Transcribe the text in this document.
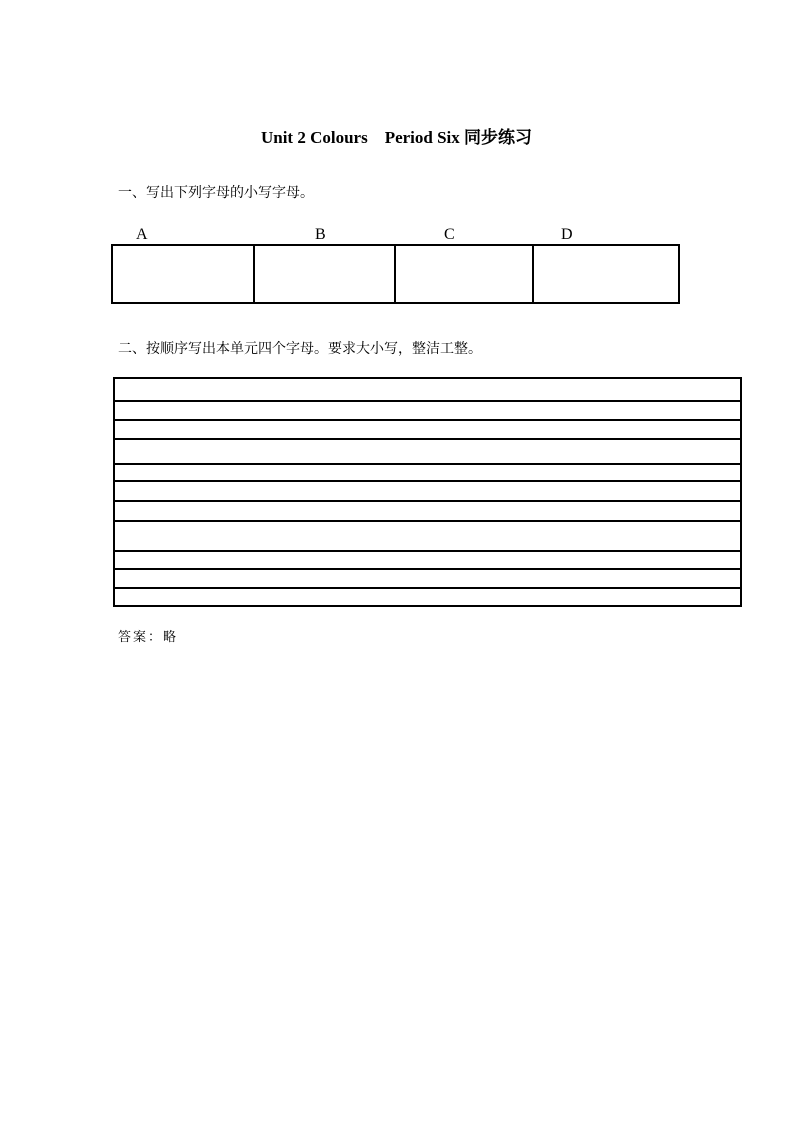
Unit 2 Colours　Period Six 同步练习

一、写出下列字母的小写字母。

A	B	C	D

二、按顺序写出本单元四个字母。要求大小写，整洁工整。

答案：略
